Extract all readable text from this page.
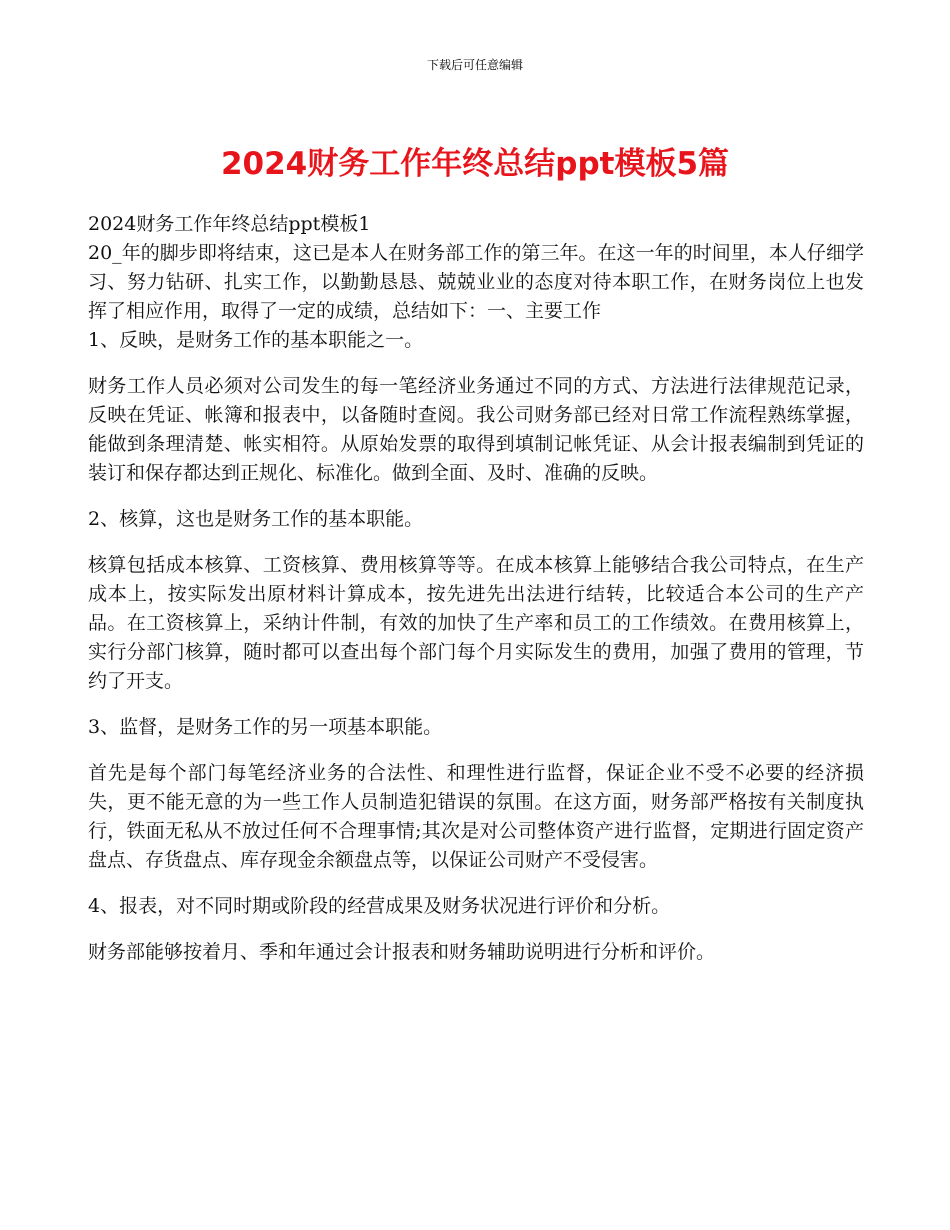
下载后可任意编辑
2024财务工作年终总结ppt模板5篇

2024财务工作年终总结ppt模板1

20_年的脚步即将结束，这已是本人在财务部工作的第三年。在这一年的时间里，本人仔细学习、努力钻研、扎实工作，以勤勤恳恳、兢兢业业的态度对待本职工作，在财务岗位上也发挥了相应作用，取得了一定的成绩，总结如下：一、主要工作

1、反映，是财务工作的基本职能之一。

财务工作人员必须对公司发生的每一笔经济业务通过不同的方式、方法进行法律规范记录，反映在凭证、帐簿和报表中，以备随时查阅。我公司财务部已经对日常工作流程熟练掌握，能做到条理清楚、帐实相符。从原始发票的取得到填制记帐凭证、从会计报表编制到凭证的装订和保存都达到正规化、标准化。做到全面、及时、准确的反映。

2、核算，这也是财务工作的基本职能。

核算包括成本核算、工资核算、费用核算等等。在成本核算上能够结合我公司特点，在生产成本上，按实际发出原材料计算成本，按先进先出法进行结转，比较适合本公司的生产产品。在工资核算上，采纳计件制，有效的加快了生产率和员工的工作绩效。在费用核算上，实行分部门核算，随时都可以查出每个部门每个月实际发生的费用，加强了费用的管理，节约了开支。

3、监督，是财务工作的另一项基本职能。

首先是每个部门每笔经济业务的合法性、和理性进行监督，保证企业不受不必要的经济损失，更不能无意的为一些工作人员制造犯错误的氛围。在这方面，财务部严格按有关制度执行，铁面无私从不放过任何不合理事情;其次是对公司整体资产进行监督，定期进行固定资产盘点、存货盘点、库存现金余额盘点等，以保证公司财产不受侵害。

4、报表，对不同时期或阶段的经营成果及财务状况进行评价和分析。

财务部能够按着月、季和年通过会计报表和财务辅助说明进行分析和评价。
